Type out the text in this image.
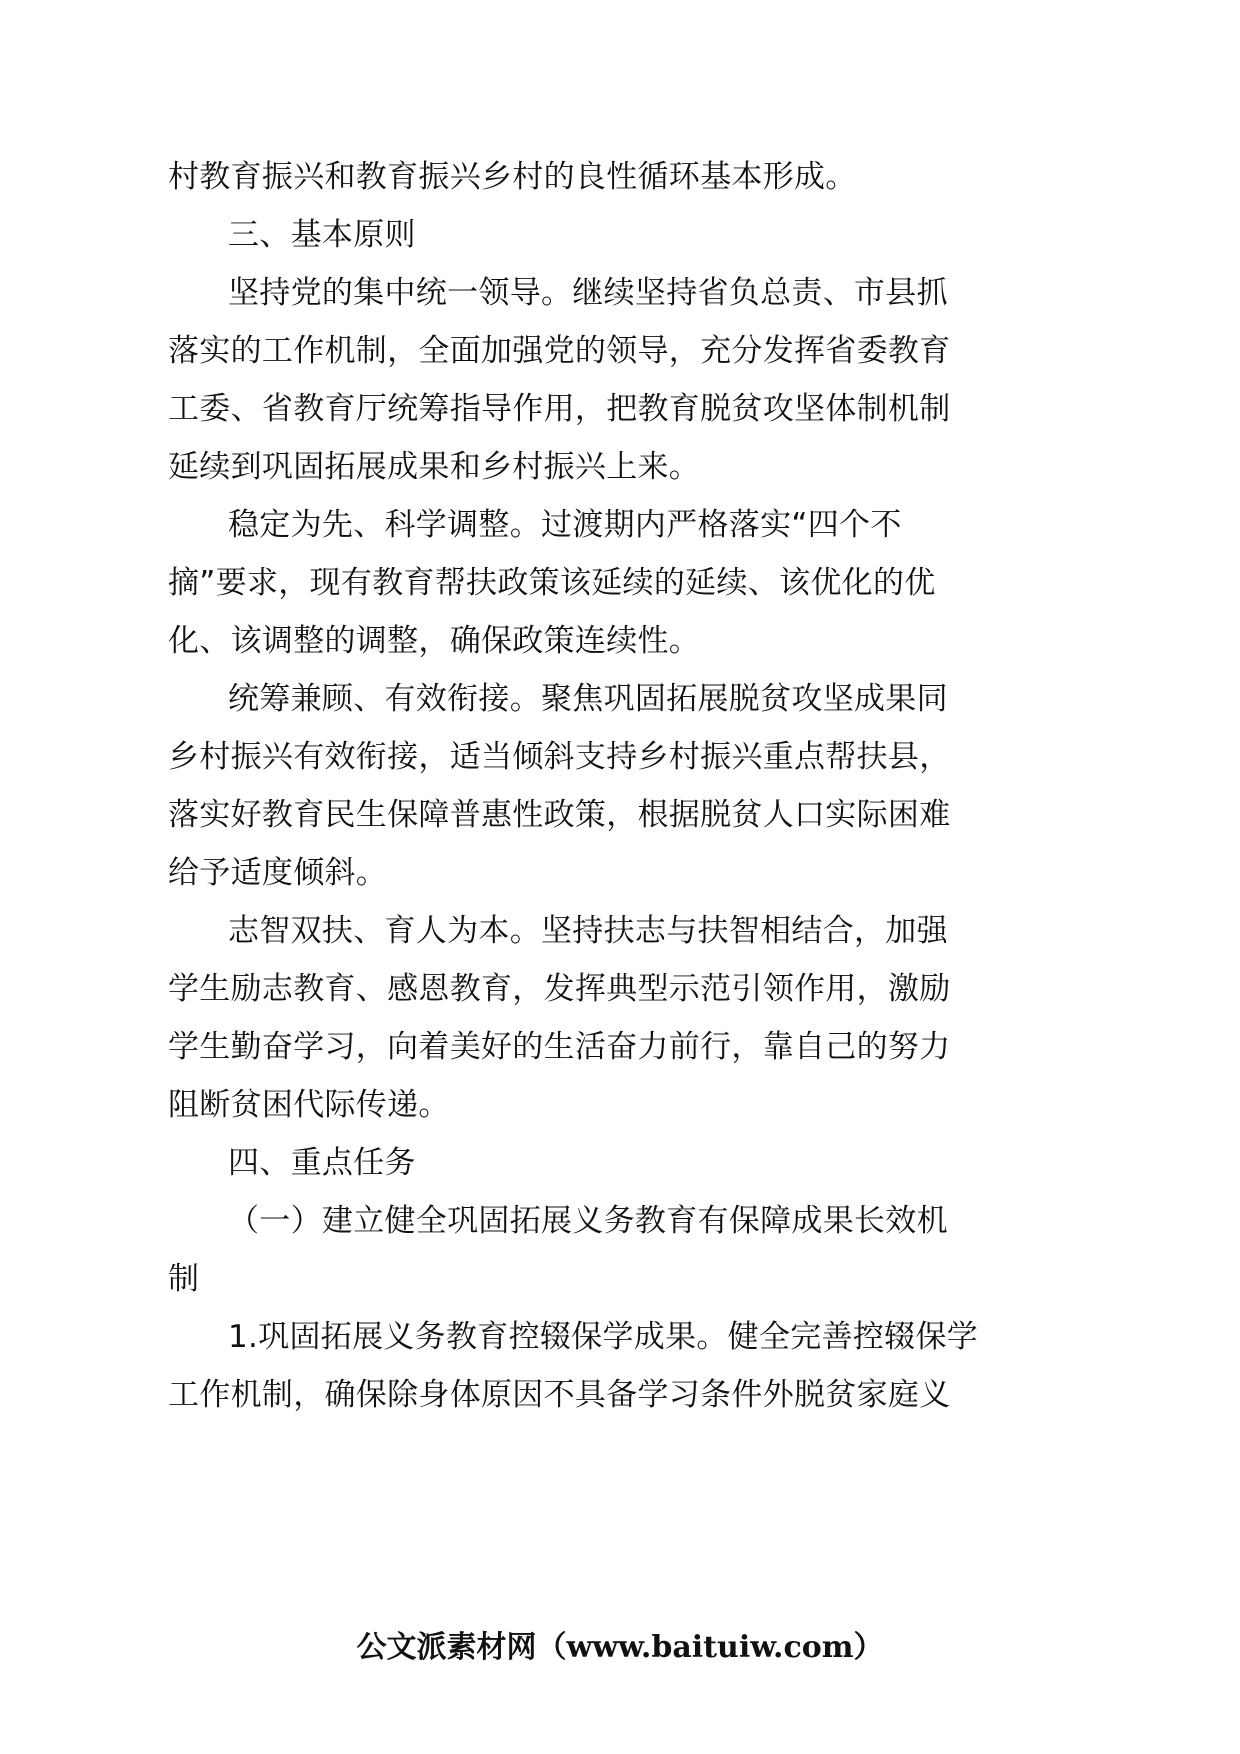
村教育振兴和教育振兴乡村的良性循环基本形成。
三、基本原则
坚持党的集中统一领导。继续坚持省负总责、市县抓
落实的工作机制，全面加强党的领导，充分发挥省委教育
工委、省教育厅统筹指导作用，把教育脱贫攻坚体制机制
延续到巩固拓展成果和乡村振兴上来。
稳定为先、科学调整。过渡期内严格落实“四个不
摘”要求，现有教育帮扶政策该延续的延续、该优化的优
化、该调整的调整，确保政策连续性。
统筹兼顾、有效衔接。聚焦巩固拓展脱贫攻坚成果同
乡村振兴有效衔接，适当倾斜支持乡村振兴重点帮扶县，
落实好教育民生保障普惠性政策，根据脱贫人口实际困难
给予适度倾斜。
志智双扶、育人为本。坚持扶志与扶智相结合，加强
学生励志教育、感恩教育，发挥典型示范引领作用，激励
学生勤奋学习，向着美好的生活奋力前行，靠自己的努力
阻断贫困代际传递。
四、重点任务
（一）建立健全巩固拓展义务教育有保障成果长效机
制
1.巩固拓展义务教育控辍保学成果。健全完善控辍保学
工作机制，确保除身体原因不具备学习条件外脱贫家庭义
公文派素材网（www.baituiw.com）
